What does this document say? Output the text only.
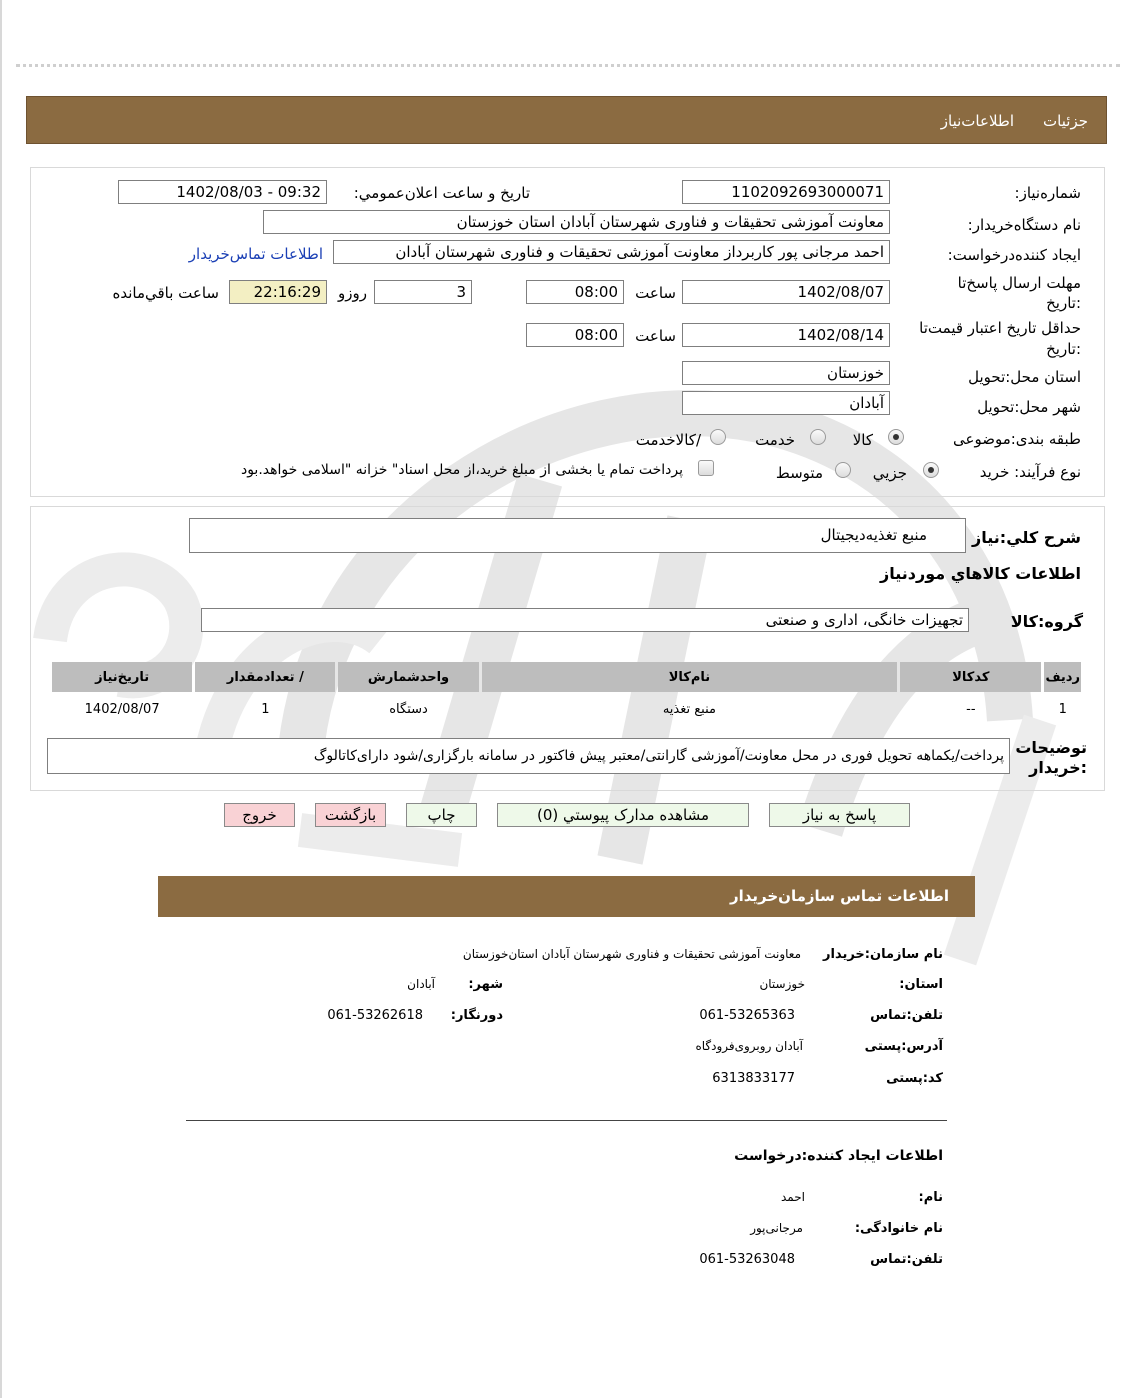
جزئیات
اطلاعات‌نیاز
شماره‌نیاز:
1102092693000071
تاریخ و ساعت اعلان‌عمومي:
1402/08/03 - 09:32
نام دستگاه‌خريدار:
معاونت آموزشی تحقیقات و فناوری شهرستان آبادان استان خوزستان
ایجاد کننده‌درخواست:
احمد مرجانی پور کاربرداز معاونت آموزشی تحقیقات و فناوری شهرستان آبادان
اطلاعات تماس‌خريدار
مهلت ارسال پاسخ‌تا
:تاريخ
1402/08/07
ساعت
08:00
3
روزو
22:16:29
ساعت باقي‌مانده
حداقل تاريخ اعتبار قيمت‌تا
:تاريخ
1402/08/14
ساعت
08:00
استان محل:تحويل
خوزستان
شهر محل:تحويل
آبادان
طبقه بندی:موضوعی
كالا
خدمت
/كالاخدمت
نوع فرآیند: خرید
جزيي
متوسط
پرداخت تمام یا بخشی از مبلغ خرید،از محل اسناد" خزانه "اسلامی خواهد.بود
شرح کلي:نیاز
منبع تغذیه‌دیجیتال
اطلاعات کالاهاي موردنیاز
گروه:کالا
تجهیزات خانگی، اداری و صنعتی
رديف	کدکالا	نام‌کالا	واحدشمارش	/ تعدادمقدار	تاريخ‌نياز
1	--	منبع تغذیه	دستگاه	1	1402/08/07
توضیحات
:خريدار
پرداخت/یکماهه تحویل فوری در محل معاونت/آموزشی گارانتی/معتبر پیش فاکتور در سامانه بارگزاری/شود دارای‌کاتالوگ
پاسخ به نياز
مشاهده مدارک پیوستي (0)
چاپ
بازگشت
خروج
اطلاعات تماس سازمان‌خريدار
نام سازمان:خريدار
معاونت آموزشی تحقیقات و فناوری شهرستان آبادان استان‌خوزستان
استان:
خوزستان
شهر:
آبادان
تلفن:تماس
061-53265363
دورنگار:
061-53262618
آدرس:پستی
آبادان روبروی‌فرودگاه
کد:پستی
6313833177
اطلاعات ایجاد کننده:درخواست
نام:
احمد
نام خانوادگی:
مرجانی‌پور
تلفن:تماس
061-53263048
